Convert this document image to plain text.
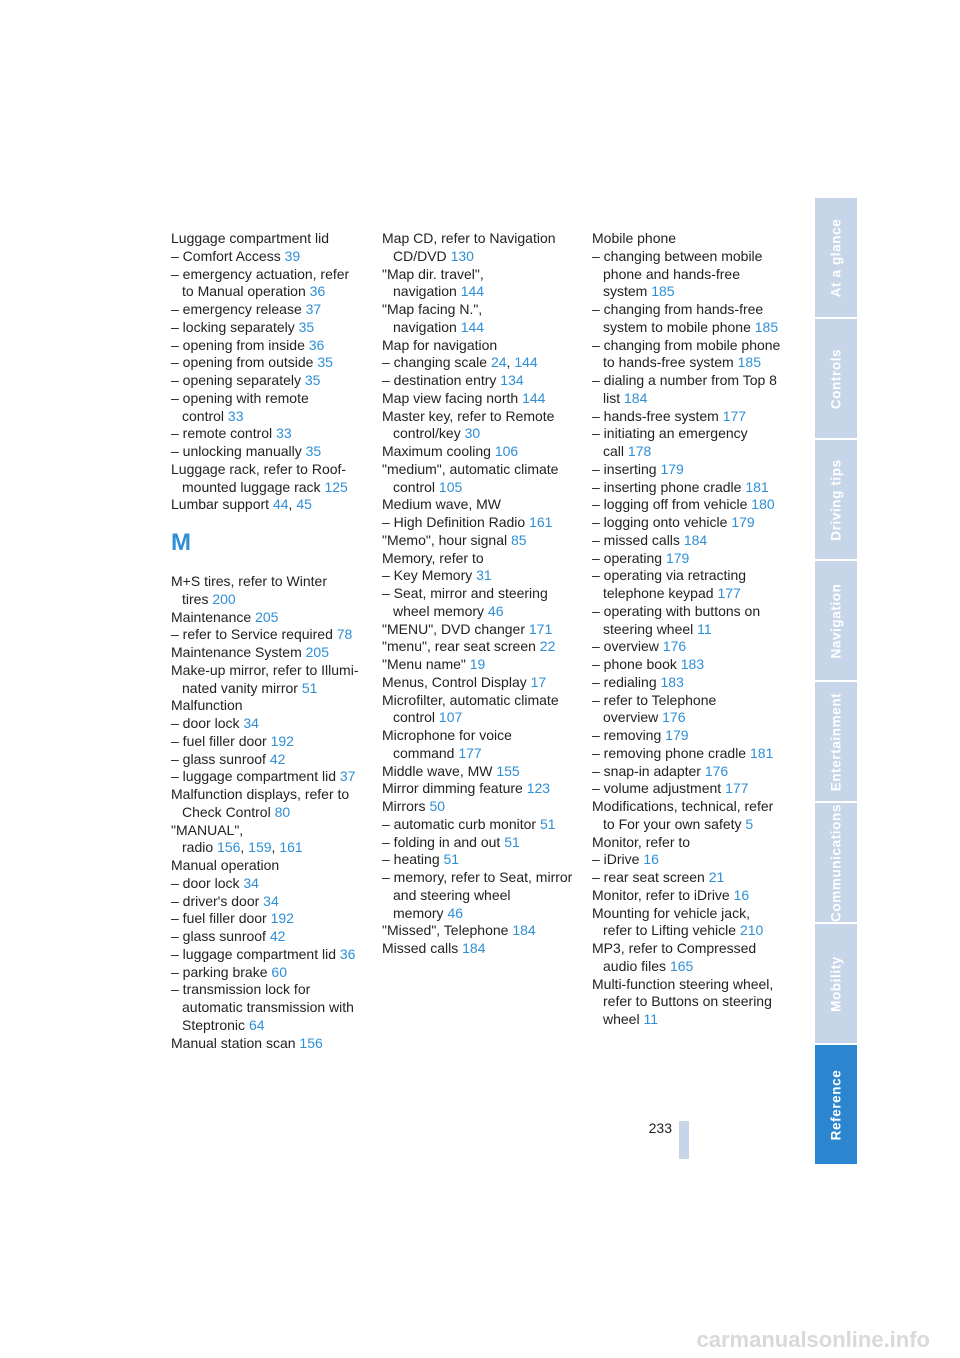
Luggage compartment lid
– Comfort Access 39
– emergency actuation, refer
to Manual operation 36
– emergency release 37
– locking separately 35
– opening from inside 36
– opening from outside 35
– opening separately 35
– opening with remote
control 33
– remote control 33
– unlocking manually 35
Luggage rack, refer to Roof-
mounted luggage rack 125
Lumbar support 44, 45
M
M+S tires, refer to Winter
tires 200
Maintenance 205
– refer to Service required 78
Maintenance System 205
Make-up mirror, refer to Illumi-
nated vanity mirror 51
Malfunction
– door lock 34
– fuel filler door 192
– glass sunroof 42
– luggage compartment lid 37
Malfunction displays, refer to
Check Control 80
"MANUAL",
radio 156, 159, 161
Manual operation
– door lock 34
– driver's door 34
– fuel filler door 192
– glass sunroof 42
– luggage compartment lid 36
– parking brake 60
– transmission lock for
automatic transmission with
Steptronic 64
Manual station scan 156
Map CD, refer to Navigation
CD/DVD 130
"Map dir. travel",
navigation 144
"Map facing N.",
navigation 144
Map for navigation
– changing scale 24, 144
– destination entry 134
Map view facing north 144
Master key, refer to Remote
control/key 30
Maximum cooling 106
"medium", automatic climate
control 105
Medium wave, MW
– High Definition Radio 161
"Memo", hour signal 85
Memory, refer to
– Key Memory 31
– Seat, mirror and steering
wheel memory 46
"MENU", DVD changer 171
"menu", rear seat screen 22
"Menu name" 19
Menus, Control Display 17
Microfilter, automatic climate
control 107
Microphone for voice
command 177
Middle wave, MW 155
Mirror dimming feature 123
Mirrors 50
– automatic curb monitor 51
– folding in and out 51
– heating 51
– memory, refer to Seat, mirror
and steering wheel
memory 46
"Missed", Telephone 184
Missed calls 184
Mobile phone
– changing between mobile
phone and hands-free
system 185
– changing from hands-free
system to mobile phone 185
– changing from mobile phone
to hands-free system 185
– dialing a number from Top 8
list 184
– hands-free system 177
– initiating an emergency
call 178
– inserting 179
– inserting phone cradle 181
– logging off from vehicle 180
– logging onto vehicle 179
– missed calls 184
– operating 179
– operating via retracting
telephone keypad 177
– operating with buttons on
steering wheel 11
– overview 176
– phone book 183
– redialing 183
– refer to Telephone
overview 176
– removing 179
– removing phone cradle 181
– snap-in adapter 176
– volume adjustment 177
Modifications, technical, refer
to For your own safety 5
Monitor, refer to
– iDrive 16
– rear seat screen 21
Monitor, refer to iDrive 16
Mounting for vehicle jack,
refer to Lifting vehicle 210
MP3, refer to Compressed
audio files 165
Multi-function steering wheel,
refer to Buttons on steering
wheel 11
At a glance
Controls
Driving tips
Navigation
Entertainment
Communications
Mobility
Reference
233
carmanualsonline.info
